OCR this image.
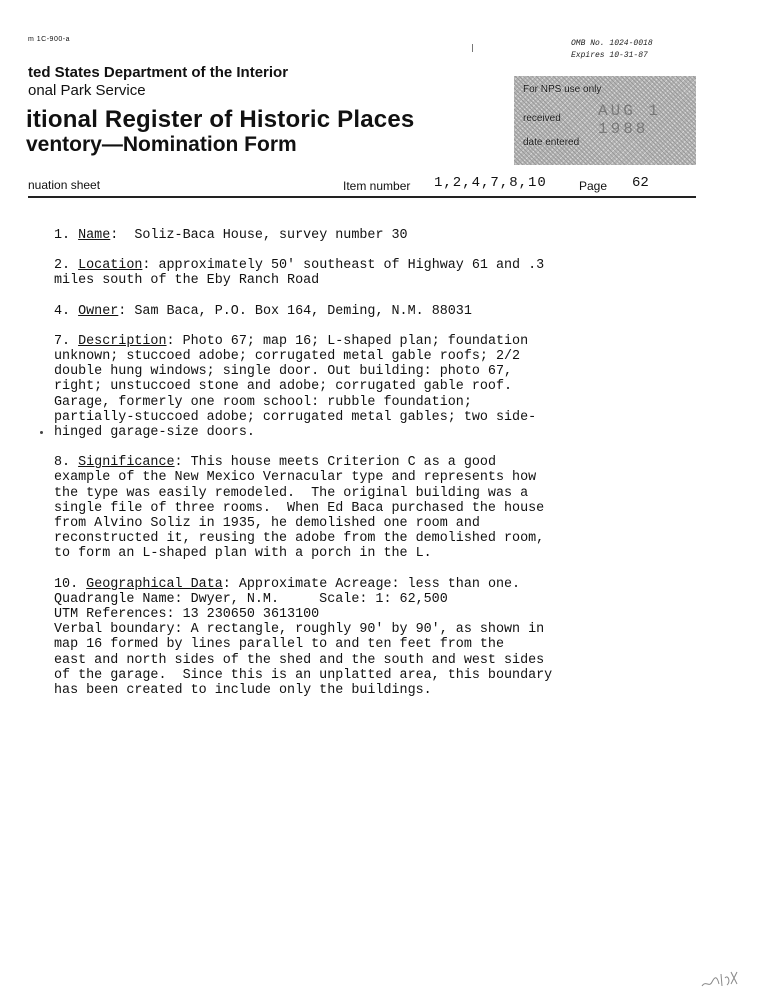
m 1C-900-a	OMB No. 1024-0018
Expires 10-31-87
ted States Department of the Interior
onal Park Service
itional Register of Historic Places
ventory—Nomination Form
For NPS use only
received
date entered
AUG 1 1988
nuation sheet	Item number 1,2,4,7,8,10	Page 62

1. Name:  Soliz-Baca House, survey number 30

2. Location: approximately 50' southeast of Highway 61 and .3
miles south of the Eby Ranch Road

4. Owner: Sam Baca, P.O. Box 164, Deming, N.M. 88031

7. Description: Photo 67; map 16; L-shaped plan; foundation
unknown; stuccoed adobe; corrugated metal gable roofs; 2/2
double hung windows; single door. Out building: photo 67,
right; unstuccoed stone and adobe; corrugated gable roof.
Garage, formerly one room school: rubble foundation;
partially-stuccoed adobe; corrugated metal gables; two side-
hinged garage-size doors.

8. Significance: This house meets Criterion C as a good
example of the New Mexico Vernacular type and represents how
the type was easily remodeled.  The original building was a
single file of three rooms.  When Ed Baca purchased the house
from Alvino Soliz in 1935, he demolished one room and
reconstructed it, reusing the adobe from the demolished room,
to form an L-shaped plan with a porch in the L.

10. Geographical Data: Approximate Acreage: less than one.
Quadrangle Name: Dwyer, N.M.     Scale: 1: 62,500
UTM References: 13 230650 3613100
Verbal boundary: A rectangle, roughly 90' by 90', as shown in
map 16 formed by lines parallel to and ten feet from the
east and north sides of the shed and the south and west sides
of the garage.  Since this is an unplatted area, this boundary
has been created to include only the buildings.
